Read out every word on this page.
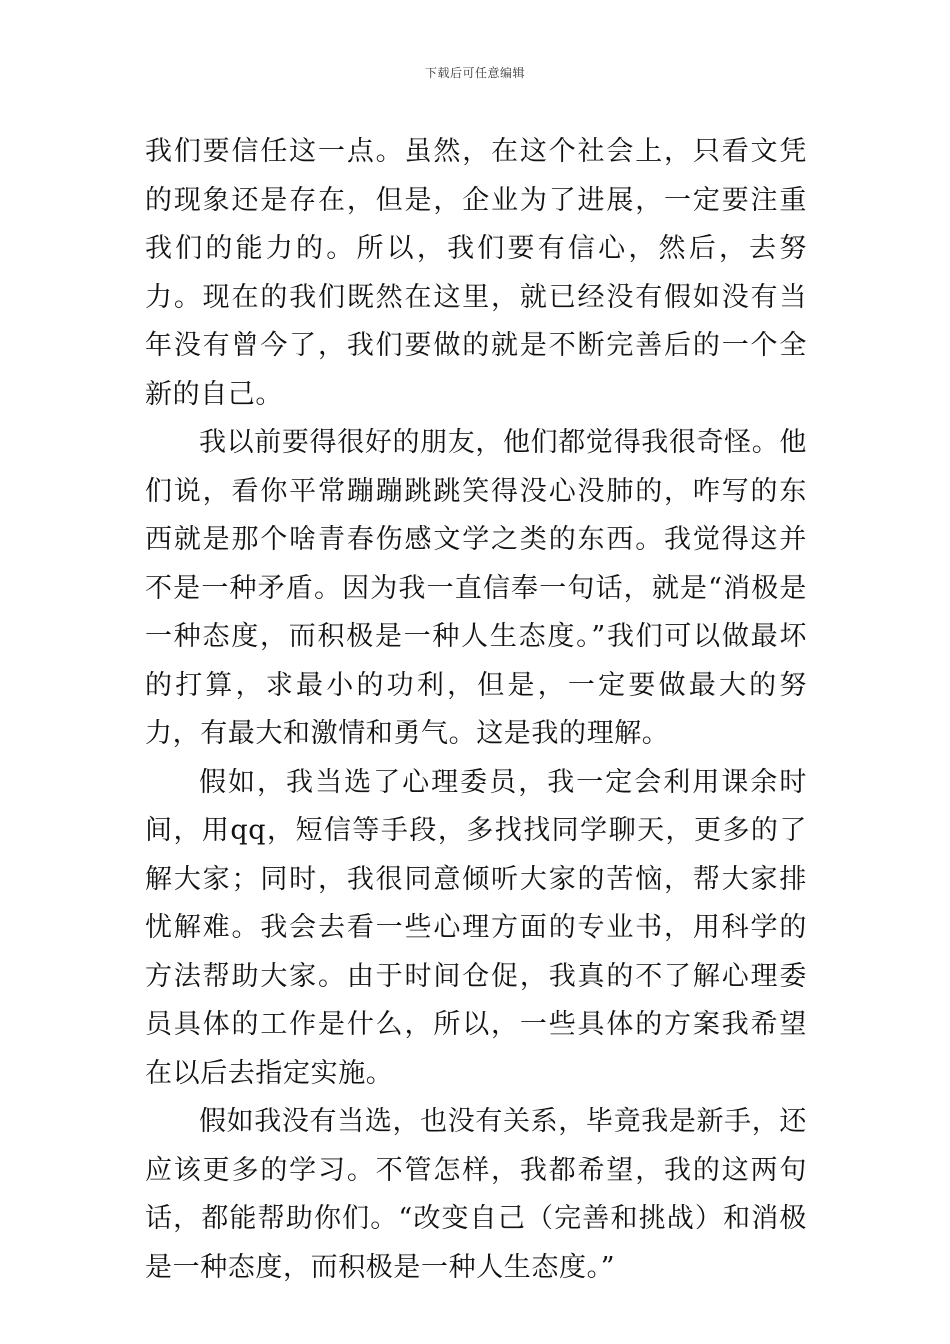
下载后可任意编辑

我们要信任这一点。虽然，在这个社会上，只看文凭的现象还是存在，但是，企业为了进展，一定要注重我们的能力的。所以，我们要有信心，然后，去努力。现在的我们既然在这里，就已经没有假如没有当年没有曾今了，我们要做的就是不断完善后的一个全新的自己。

我以前要得很好的朋友，他们都觉得我很奇怪。他们说，看你平常蹦蹦跳跳笑得没心没肺的，咋写的东西就是那个啥青春伤感文学之类的东西。我觉得这并不是一种矛盾。因为我一直信奉一句话，就是“消极是一种态度，而积极是一种人生态度。”我们可以做最坏的打算，求最小的功利，但是，一定要做最大的努力，有最大和激情和勇气。这是我的理解。

假如，我当选了心理委员，我一定会利用课余时间，用qq，短信等手段，多找找同学聊天，更多的了解大家；同时，我很同意倾听大家的苦恼，帮大家排忧解难。我会去看一些心理方面的专业书，用科学的方法帮助大家。由于时间仓促，我真的不了解心理委员具体的工作是什么，所以，一些具体的方案我希望在以后去指定实施。

假如我没有当选，也没有关系，毕竟我是新手，还应该更多的学习。不管怎样，我都希望，我的这两句话，都能帮助你们。“改变自己（完善和挑战）和消极是一种态度，而积极是一种人生态度。”
